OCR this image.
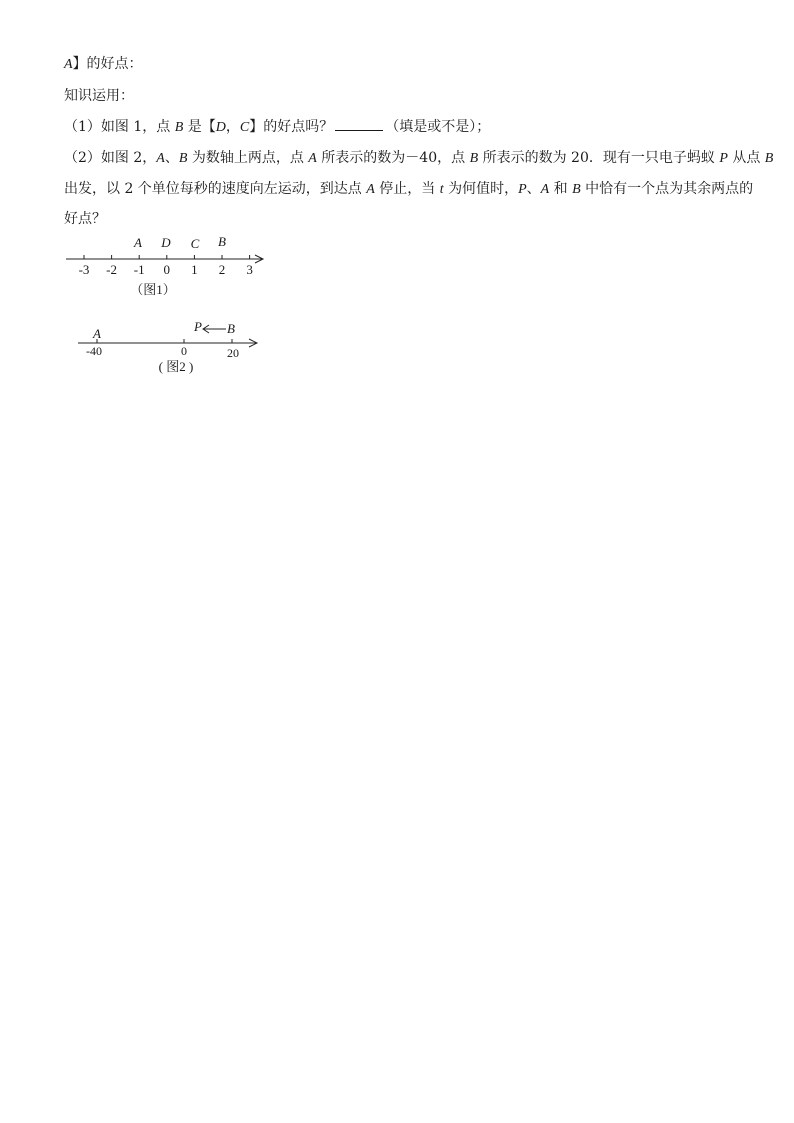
A】的好点：
知识运用：
（1）如图 1，点 B 是【D，C】的好点吗？	（填是或不是）；
（2）如图 2，A、B 为数轴上两点，点 A 所表示的数为－40，点 B 所表示的数为 20．现有一只电子蚂蚁 P 从点 B
出发，以 2 个单位每秒的速度向左运动，到达点 A 停止，当 t 为何值时，P、A 和 B 中恰有一个点为其余两点的
好点？
-3 -2 -1 0 1 2 3
A D C B
（图1）
-40	0	20
A	P B
( 图2 )
